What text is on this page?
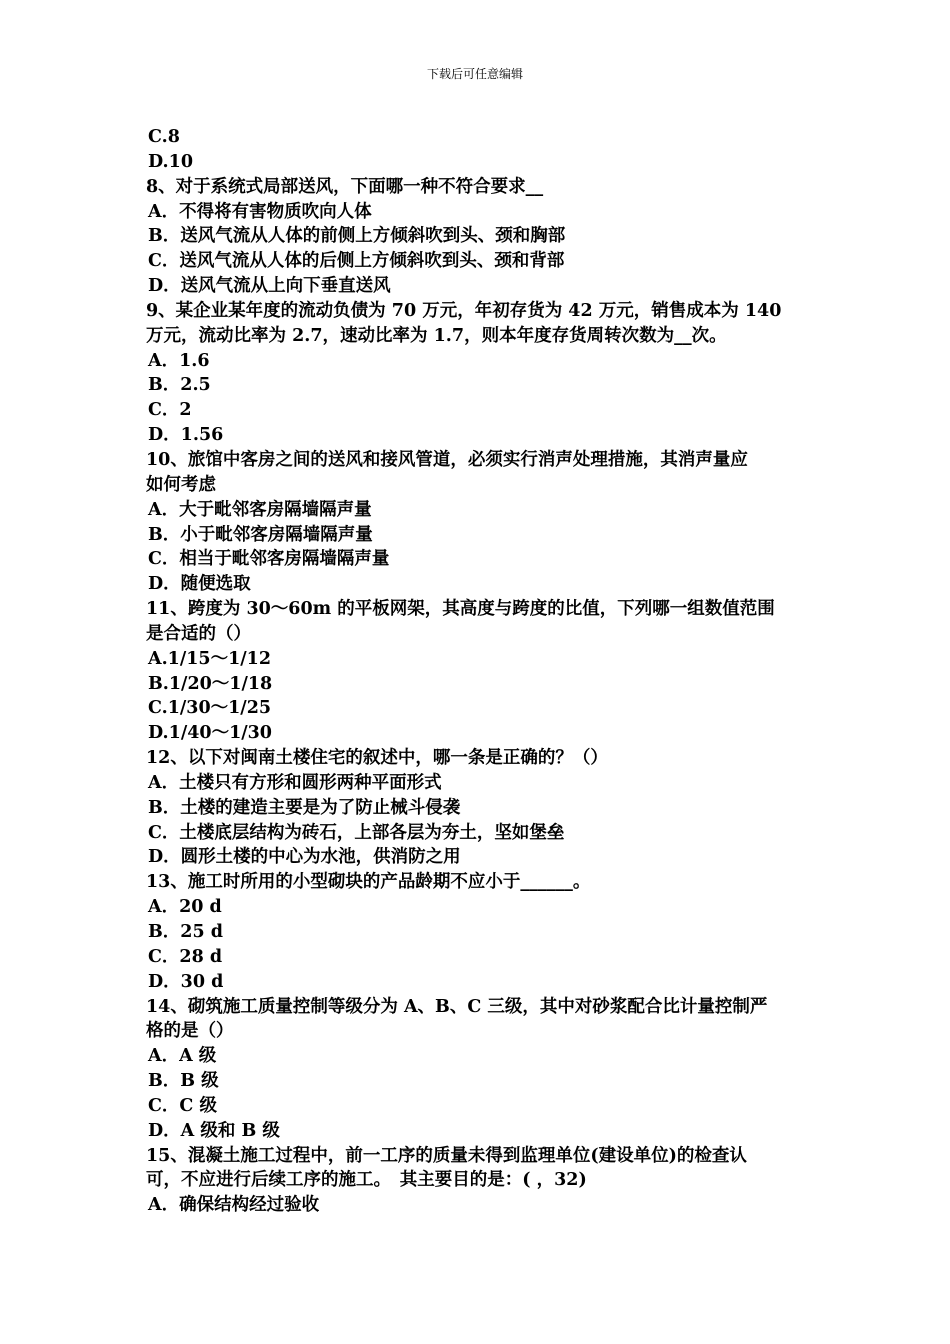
下载后可任意编辑
C.8
D.10
8、对于系统式局部送风，下面哪一种不符合要求__
A．不得将有害物质吹向人体
B．送风气流从人体的前侧上方倾斜吹到头、颈和胸部
C．送风气流从人体的后侧上方倾斜吹到头、颈和背部
D．送风气流从上向下垂直送风
9、某企业某年度的流动负债为 70 万元，年初存货为 42 万元，销售成本为 140
万元，流动比率为 2.7，速动比率为 1.7，则本年度存货周转次数为__次。
A．1.6
B．2.5
C．2
D．1.56
10、旅馆中客房之间的送风和接风管道，必须实行消声处理措施，其消声量应
如何考虑
A．大于毗邻客房隔墙隔声量
B．小于毗邻客房隔墙隔声量
C．相当于毗邻客房隔墙隔声量
D．随便选取
11、跨度为 30～60m 的平板网架，其高度与跨度的比值，下列哪一组数值范围
是合适的（）
A.1/15～1/12
B.1/20～1/18
C.1/30～1/25
D.1/40～1/30
12、以下对闽南土楼住宅的叙述中，哪一条是正确的？（）
A．土楼只有方形和圆形两种平面形式
B．土楼的建造主要是为了防止械斗侵袭
C．土楼底层结构为砖石，上部各层为夯土，坚如堡垒
D．圆形土楼的中心为水池，供消防之用
13、施工时所用的小型砌块的产品龄期不应小于______。
A．20 d
B．25 d
C．28 d
D．30 d
14、砌筑施工质量控制等级分为 A、B、C 三级，其中对砂浆配合比计量控制严
格的是（）
A．A 级
B．B 级
C．C 级
D．A 级和 B 级
15、混凝土施工过程中，前一工序的质量未得到监理单位(建设单位)的检查认
可，不应进行后续工序的施工。　其主要目的是：( ，32)
A．确保结构经过验收
